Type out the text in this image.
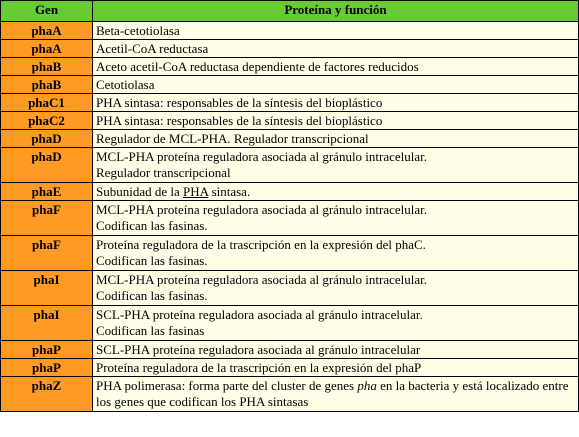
Gen	Proteína y función
phaA	Beta-cetotiolasa
phaA	Acetil-CoA reductasa
phaB	Aceto acetil-CoA reductasa dependiente de factores reducidos
phaB	Cetotiolasa
phaC1	PHA sintasa: responsables de la síntesis del bioplástico
phaC2	PHA sintasa: responsables de la síntesis del bioplástico
phaD	Regulador de MCL-PHA. Regulador transcripcional
phaD	MCL-PHA proteína reguladora asociada al gránulo intracelular.
Regulador transcripcional
phaE	Subunidad de la PHA sintasa.
phaF	MCL-PHA proteína reguladora asociada al gránulo intracelular.
Codifican las fasinas.
phaF	Proteína reguladora de la trascripción en la expresión del phaC.
Codifican las fasinas.
phaI	MCL-PHA proteína reguladora asociada al gránulo intracelular.
Codifican las fasinas.
phaI	SCL-PHA proteína reguladora asociada al gránulo intracelular.
Codifican las fasinas
phaP	SCL-PHA proteína reguladora asociada al gránulo intracelular
phaP	Proteína reguladora de la trascripción en la expresión del phaP
phaZ	PHA polimerasa: forma parte del cluster de genes pha en la bacteria y está localizado entre los genes que codifican los PHA sintasas
